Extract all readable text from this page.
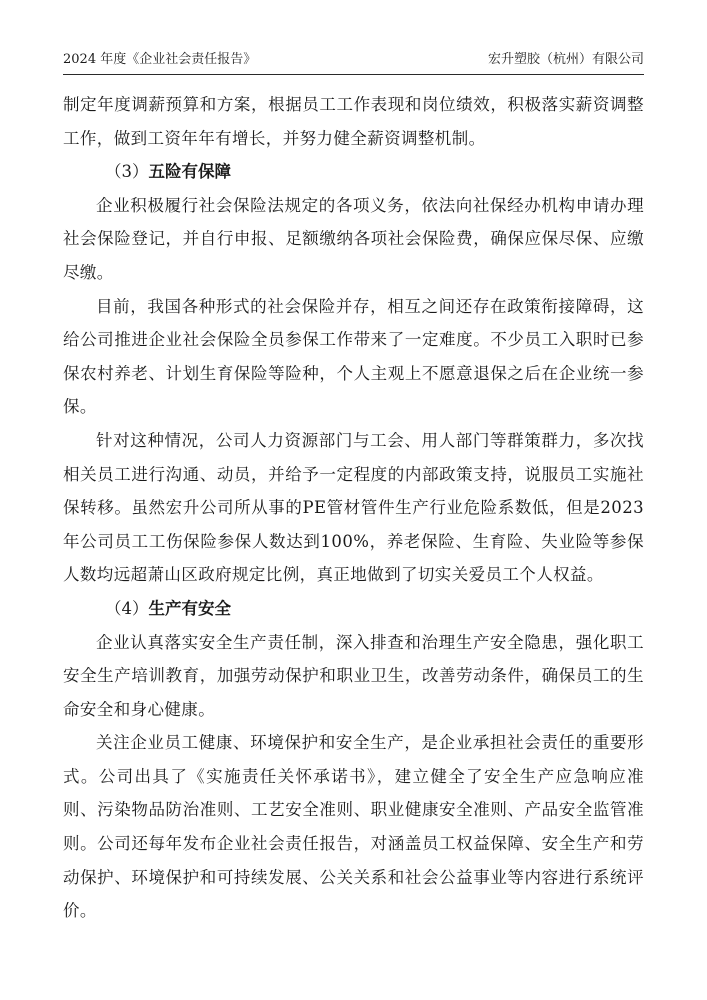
2024 年度《企业社会责任报告》	宏升塑胶（杭州）有限公司

制定年度调薪预算和方案，根据员工工作表现和岗位绩效，积极落实薪资调整工作，做到工资年年有增长，并努力健全薪资调整机制。

（3）五险有保障

企业积极履行社会保险法规定的各项义务，依法向社保经办机构申请办理社会保险登记，并自行申报、足额缴纳各项社会保险费，确保应保尽保、应缴尽缴。

目前，我国各种形式的社会保险并存，相互之间还存在政策衔接障碍，这给公司推进企业社会保险全员参保工作带来了一定难度。不少员工入职时已参保农村养老、计划生育保险等险种，个人主观上不愿意退保之后在企业统一参保。

针对这种情况，公司人力资源部门与工会、用人部门等群策群力，多次找相关员工进行沟通、动员，并给予一定程度的内部政策支持，说服员工实施社保转移。虽然宏升公司所从事的PE管材管件生产行业危险系数低，但是2023年公司员工工伤保险参保人数达到100%，养老保险、生育险、失业险等参保人数均远超萧山区政府规定比例，真正地做到了切实关爱员工个人权益。

（4）生产有安全

企业认真落实安全生产责任制，深入排查和治理生产安全隐患，强化职工安全生产培训教育，加强劳动保护和职业卫生，改善劳动条件，确保员工的生命安全和身心健康。

关注企业员工健康、环境保护和安全生产，是企业承担社会责任的重要形式。公司出具了《实施责任关怀承诺书》，建立健全了安全生产应急响应准则、污染物品防治准则、工艺安全准则、职业健康安全准则、产品安全监管准则。公司还每年发布企业社会责任报告，对涵盖员工权益保障、安全生产和劳动保护、环境保护和可持续发展、公关关系和社会公益事业等内容进行系统评价。
